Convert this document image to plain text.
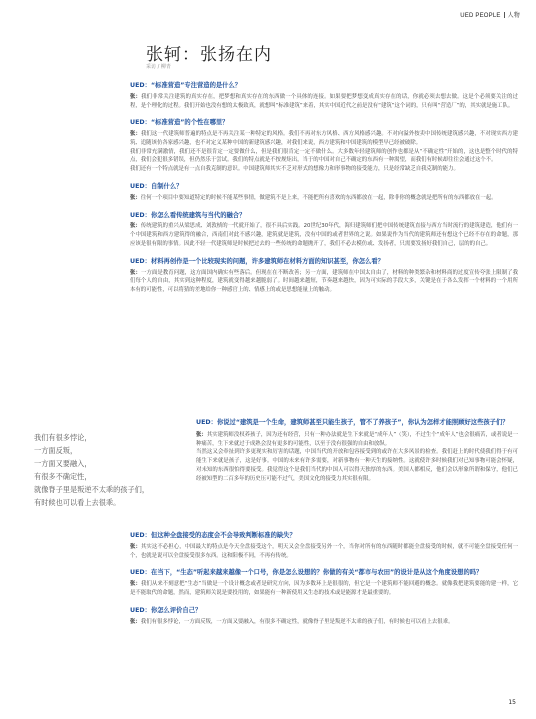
UED PEOPLE 人物
张轲：张扬在内
采访 / 柳青
UED：“标准营造”专注营造的是什么？

张：我们非常关注建筑的真实存在，把梦想和真实存在的东西做一个具体的连接。如果要把梦想变成真实存在的话，你就必须去想去做。这是个必须要关注的过程，是个理化的过程。我们开始也没有想的太极致真，就想叫“标准建筑”来着，其实中国近代之前是没有“建筑”这个词的，只有叫“营造厂”的，其实就是施工队。

UED：“标准营造”的个性在哪里？

张：我们这一代建筑师普遍的特点是不再关注某一种特定的风格。我们不再对东方风格、西方风格感兴趣。不对向溢外按卖中国传统建筑感兴趣，不对现实西方建筑、追随该仿各家感兴趣，也不对定义某种中国的新建筑感兴趣，对我们来说，西方建筑和中国建筑的模型早已经被破除。

我们非常充满激情，我们还不是很肯定一定要做什么，但是我们很肯定一定不做什么。大多数年轻建筑师的创作也都是从“不确定性”开始的，这也是整个时代的特点，我们会犯很多错误，但仍然乐于尝试。我们的特点就是不按规矩出，当于的中国对自己不确定的东西有一种渴望，而我们有时候却往往会通过这个不。

我们还有一个特点就是有一点自我克制的意识。中国建筑师其实不乏对形式的想像力和形事物的接受能力，只是经常缺乏自我克制的能力。

UED：自制什么？

张：往何一个项目中要知道特定的时候不能某些事情，做建筑不是上来，不能把所有喜欢的东西都放在一起，除非你的概念就是把所有的东西都放在一起。

UED：你怎么看传统建筑与当代的融合？

张：传统建筑的重兴从梁思成、刘敦桢的一代就开始了，很不具后实践。20世纪30年代，海归建筑师们把中国传统建筑直接与西方当时流行的建筑建造，他们有一个中国建筑和西方建筑得的融合，西南们对此不感兴趣，建筑就是建筑，没有中国的或者世界的之说。如果说作为当代的建筑师还有想这个已经不存在的命题，那应该是很有限的事情。因此不轻一代建筑师是时候把过去的一些传统的命题抛开了，我们不必去模仿或、发扬者，只需要发扬好我们自己，层的的自己。

UED：材料再创作是一个比较现实的问题，许多建筑师在材料方面的知识甚至，你怎么看？

张：一方面是教育问题，这方面国内确实有些落后。但现在在不断改善；另一方面，建筑师在中国太自由了，材料的种类繁杂和材料商的过度宣传夸张上限制了我们每个人的自由，其实到这种程度，建筑就变得越来越脆弱了。时间越来越短，节奏越来越快，因为可实际的手段大多，关键是在于各么发挥一个材料的一个用所本有的可能性，可以将猜的差地给你一种感官上的、情感上的或是思想能量上的触动。

我们有很多悖论，
一方面反叛，
一方面又要融入，
有很多不确定性，
就像脊子里是叛逆不太乖的孩子们，
有时候也可以看上去很乖。
UED：你说过“建筑是一个生命，建筑师甚至只能生孩子，管不了养孩子”，你认为怎样才能照顾好这些孩子们？

张：其实建筑师没权养孩子，因为还有经营，只有一种办法就是生下来就是“成年人”（笑），不过生个“成年人”也会很痛苦，或者说是一种痛苦，生下来就过于成熟会没有更多的可能性，以至于没有很强的自由和放纵。

当然这又会牵扯到许多更现实和厉害的话题，中国当代的开放和包容接受到的或许在大多风景的检查。我们赶上的时代使我们得于有可能生下来就是孩子，这是好事。中国的未来有许多需要，对新事物有一种天生的接纳性。这就使许多时候我们对已知事物可能会怀疑，对未知的东西很怕得要接受。我觉得这个是我们当代的中国人可以得天独厚的东西。美国人都相反，他们会以形象所谓和保守，他们已经被知型的二百多年的历史压可能不过气，美国文化的接受力其实很有限。

UED：但这种全盘接受的态度会不会导致判断标准的缺失？

张：其实这不必担心，中国最大的特点是今天全盘接受这个，明天又会全盘接受另外一个，当你对所有的东西随时都能全盘接受的时候，就不可能全盘接受任何一个，也就是说可以全盘接受很多东西。这和阳极不同，不再有传统。

UED：在当下，“生态”听起来越来越像一个口号，你是怎么设想的？你做的有关“都市与农田”的设计是从这个角度设想的吗？

张：我们从来不刻意把“生态”当做是一个设计概念或者是研究方向，因为多数环上是很很的，但它是一个建筑师不能回避的概念。就像我把建筑要能的建一样，它是不能取代的命题，然而，建筑师关说是要投用的，如果能有一种新使用又生态的技术或是能源才是最重要的。

UED：你怎么评价自己？

张：我们有很多悖论，一方面反叛，一方面又要融入，有很多不确定性，就像脊子里是叛逆不太乖的孩子们，有时候也可以看上去很乖。

15
